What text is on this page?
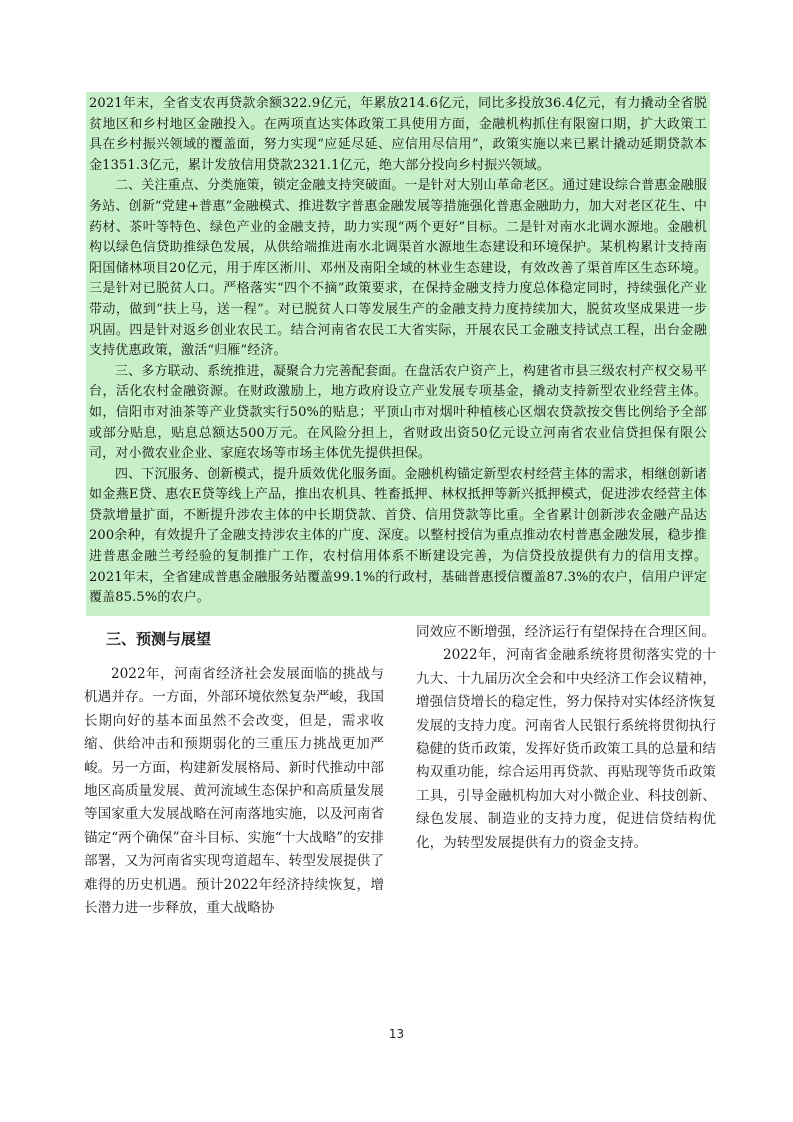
2021年末，全省支农再贷款余额322.9亿元，年累放214.6亿元，同比多投放36.4亿元，有力撬动全省脱贫地区和乡村地区金融投入。在两项直达实体政策工具使用方面，金融机构抓住有限窗口期，扩大政策工具在乡村振兴领域的覆盖面，努力实现“应延尽延、应信用尽信用”，政策实施以来已累计撬动延期贷款本金1351.3亿元，累计发放信用贷款2321.1亿元，绝大部分投向乡村振兴领域。

二、关注重点、分类施策，锁定金融支持突破面。一是针对大别山革命老区。通过建设综合普惠金融服务站、创新“党建+普惠”金融模式、推进数字普惠金融发展等措施强化普惠金融助力，加大对老区花生、中药材、茶叶等特色、绿色产业的金融支持，助力实现“两个更好”目标。二是针对南水北调水源地。金融机构以绿色信贷助推绿色发展，从供给端推进南水北调渠首水源地生态建设和环境保护。某机构累计支持南阳国储林项目20亿元，用于库区淅川、邓州及南阳全域的林业生态建设，有效改善了渠首库区生态环境。三是针对已脱贫人口。严格落实“四个不摘”政策要求，在保持金融支持力度总体稳定同时，持续强化产业带动，做到“扶上马，送一程”。对已脱贫人口等发展生产的金融支持力度持续加大，脱贫攻坚成果进一步巩固。四是针对返乡创业农民工。结合河南省农民工大省实际，开展农民工金融支持试点工程，出台金融支持优惠政策，激活“归雁”经济。

三、多方联动、系统推进，凝聚合力完善配套面。在盘活农户资产上，构建省市县三级农村产权交易平台，活化农村金融资源。在财政激励上，地方政府设立产业发展专项基金，撬动支持新型农业经营主体。如，信阳市对油茶等产业贷款实行50%的贴息；平顶山市对烟叶种植核心区烟农贷款按交售比例给予全部或部分贴息，贴息总额达500万元。在风险分担上，省财政出资50亿元设立河南省农业信贷担保有限公司，对小微农业企业、家庭农场等市场主体优先提供担保。

四、下沉服务、创新模式，提升质效优化服务面。金融机构锚定新型农村经营主体的需求，相继创新诸如金燕E贷、惠农E贷等线上产品，推出农机具、牲畜抵押、林权抵押等新兴抵押模式，促进涉农经营主体贷款增量扩面，不断提升涉农主体的中长期贷款、首贷、信用贷款等比重。全省累计创新涉农金融产品达200余种，有效提升了金融支持涉农主体的广度、深度。以整村授信为重点推动农村普惠金融发展，稳步推进普惠金融兰考经验的复制推广工作，农村信用体系不断建设完善，为信贷投放提供有力的信用支撑。2021年末，全省建成普惠金融服务站覆盖99.1%的行政村，基础普惠授信覆盖87.3%的农户，信用户评定覆盖85.5%的农户。

三、预测与展望

2022年，河南省经济社会发展面临的挑战与机遇并存。一方面，外部环境依然复杂严峻，我国长期向好的基本面虽然不会改变，但是，需求收缩、供给冲击和预期弱化的三重压力挑战更加严峻。另一方面，构建新发展格局、新时代推动中部地区高质量发展、黄河流域生态保护和高质量发展等国家重大发展战略在河南落地实施，以及河南省锚定“两个确保”奋斗目标、实施“十大战略”的安排部署，又为河南省实现弯道超车、转型发展提供了难得的历史机遇。预计2022年经济持续恢复，增长潜力进一步释放，重大战略协

同效应不断增强，经济运行有望保持在合理区间。

2022年，河南省金融系统将贯彻落实党的十九大、十九届历次全会和中央经济工作会议精神，增强信贷增长的稳定性，努力保持对实体经济恢复发展的支持力度。河南省人民银行系统将贯彻执行稳健的货币政策，发挥好货币政策工具的总量和结构双重功能，综合运用再贷款、再贴现等货币政策工具，引导金融机构加大对小微企业、科技创新、绿色发展、制造业的支持力度，促进信贷结构优化，为转型发展提供有力的资金支持。

13
